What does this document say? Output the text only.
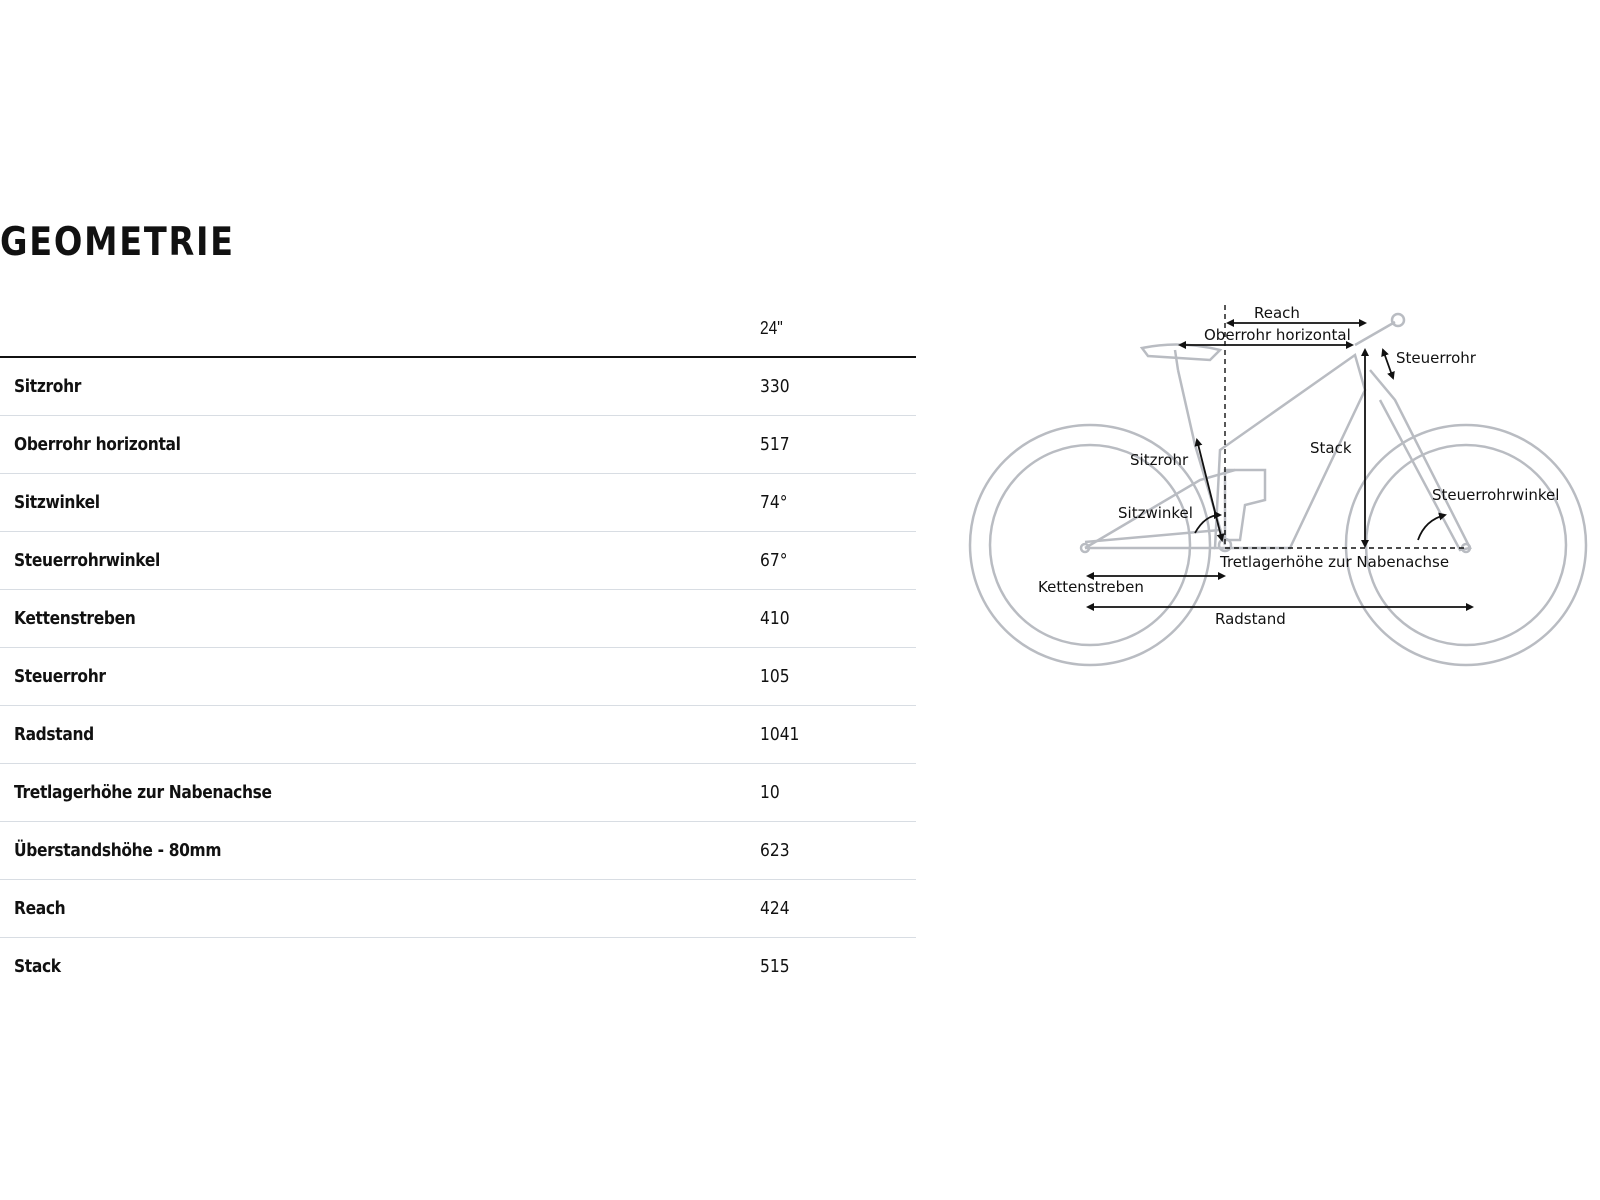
GEOMETRIE
	24"
Sitzrohr	330
Oberrohr horizontal	517
Sitzwinkel	74°
Steuerrohrwinkel	67°
Kettenstreben	410
Steuerrohr	105
Radstand	1041
Tretlagerhöhe zur Nabenachse	10
Überstandshöhe - 80mm	623
Reach	424
Stack	515
Reach
Oberrohr horizontal
Steuerrohr
Stack
Sitzrohr
Steuerrohrwinkel
Sitzwinkel
Tretlagerhöhe zur Nabenachse
Kettenstreben
Radstand
